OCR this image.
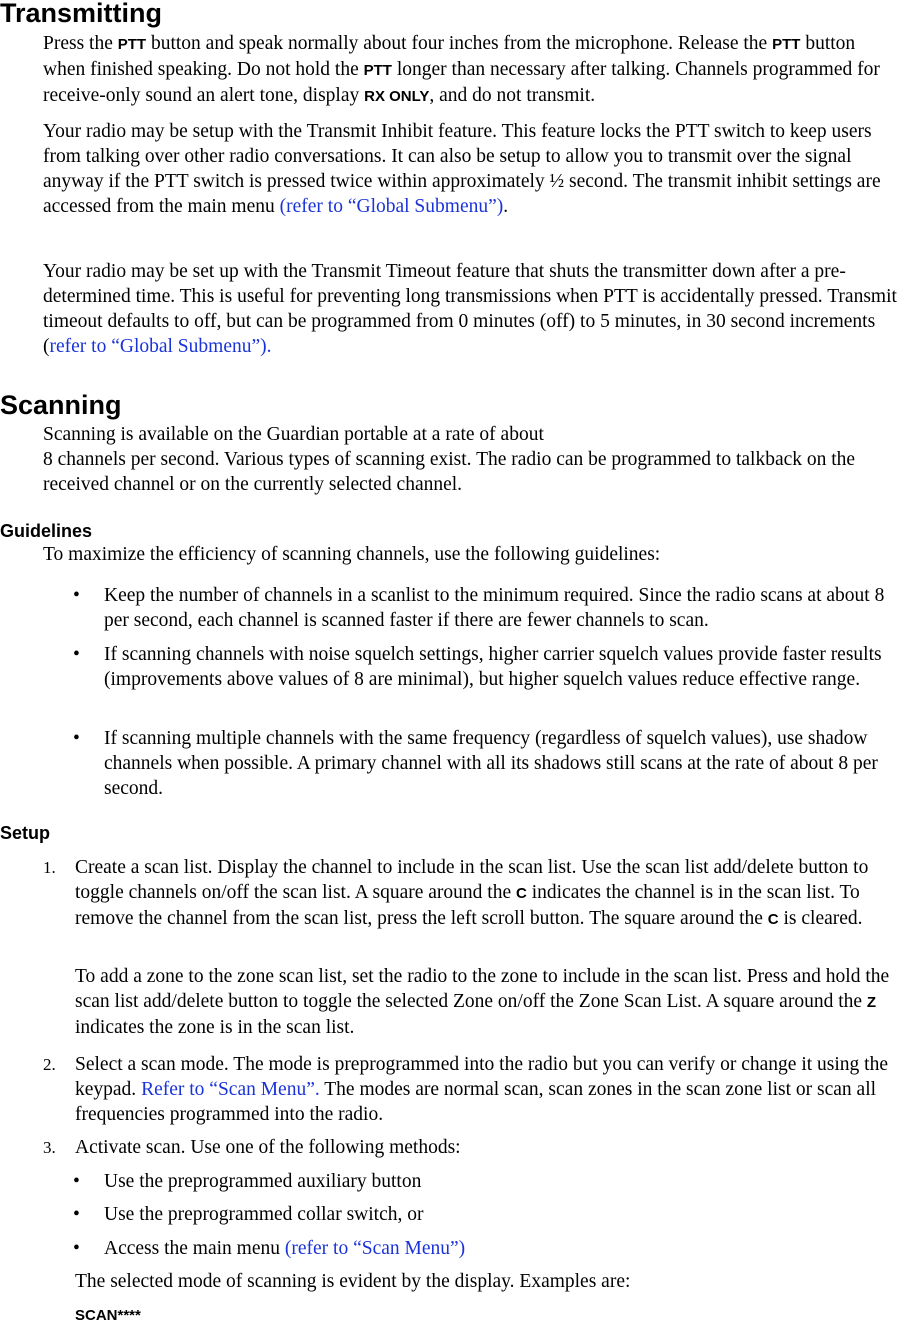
Transmitting

Press the PTT button and speak normally about four inches from the microphone. Release the PTT button when finished speaking. Do not hold the PTT longer than necessary after talking. Channels programmed for receive-only sound an alert tone, display RX ONLY, and do not transmit.

Your radio may be setup with the Transmit Inhibit feature. This feature locks the PTT switch to keep users from talking over other radio conversations. It can also be setup to allow you to transmit over the signal anyway if the PTT switch is pressed twice within approximately ½ second. The transmit inhibit settings are accessed from the main menu (refer to “Global Submenu”).

Your radio may be set up with the Transmit Timeout feature that shuts the transmitter down after a pre-determined time. This is useful for preventing long transmissions when PTT is accidentally pressed. Transmit timeout defaults to off, but can be programmed from 0 minutes (off) to 5 minutes, in 30 second increments (refer to “Global Submenu”).

Scanning

Scanning is available on the Guardian portable at a rate of about
8 channels per second. Various types of scanning exist. The radio can be programmed to talkback on the received channel or on the currently selected channel.

Guidelines

To maximize the efficiency of scanning channels, use the following guidelines:

• Keep the number of channels in a scanlist to the minimum required. Since the radio scans at about 8 per second, each channel is scanned faster if there are fewer channels to scan.
• If scanning channels with noise squelch settings, higher carrier squelch values provide faster results (improvements above values of 8 are minimal), but higher squelch values reduce effective range.
• If scanning multiple channels with the same frequency (regardless of squelch values), use shadow channels when possible. A primary channel with all its shadows still scans at the rate of about 8 per second.
Setup
1. Create a scan list. Display the channel to include in the scan list. Use the scan list add/delete button to toggle channels on/off the scan list. A square around the C indicates the channel is in the scan list. To remove the channel from the scan list, press the left scroll button. The square around the C is cleared.

To add a zone to the zone scan list, set the radio to the zone to include in the scan list. Press and hold the scan list add/delete button to toggle the selected Zone on/off the Zone Scan List. A square around the Z indicates the zone is in the scan list.

2. Select a scan mode. The mode is preprogrammed into the radio but you can verify or change it using the keypad. Refer to “Scan Menu”. The modes are normal scan, scan zones in the scan zone list or scan all frequencies programmed into the radio.
3. Activate scan. Use one of the following methods:
• Use the preprogrammed auxiliary button
• Use the preprogrammed collar switch, or
• Access the main menu (refer to “Scan Menu”)

The selected mode of scanning is evident by the display. Examples are:

SCAN****
